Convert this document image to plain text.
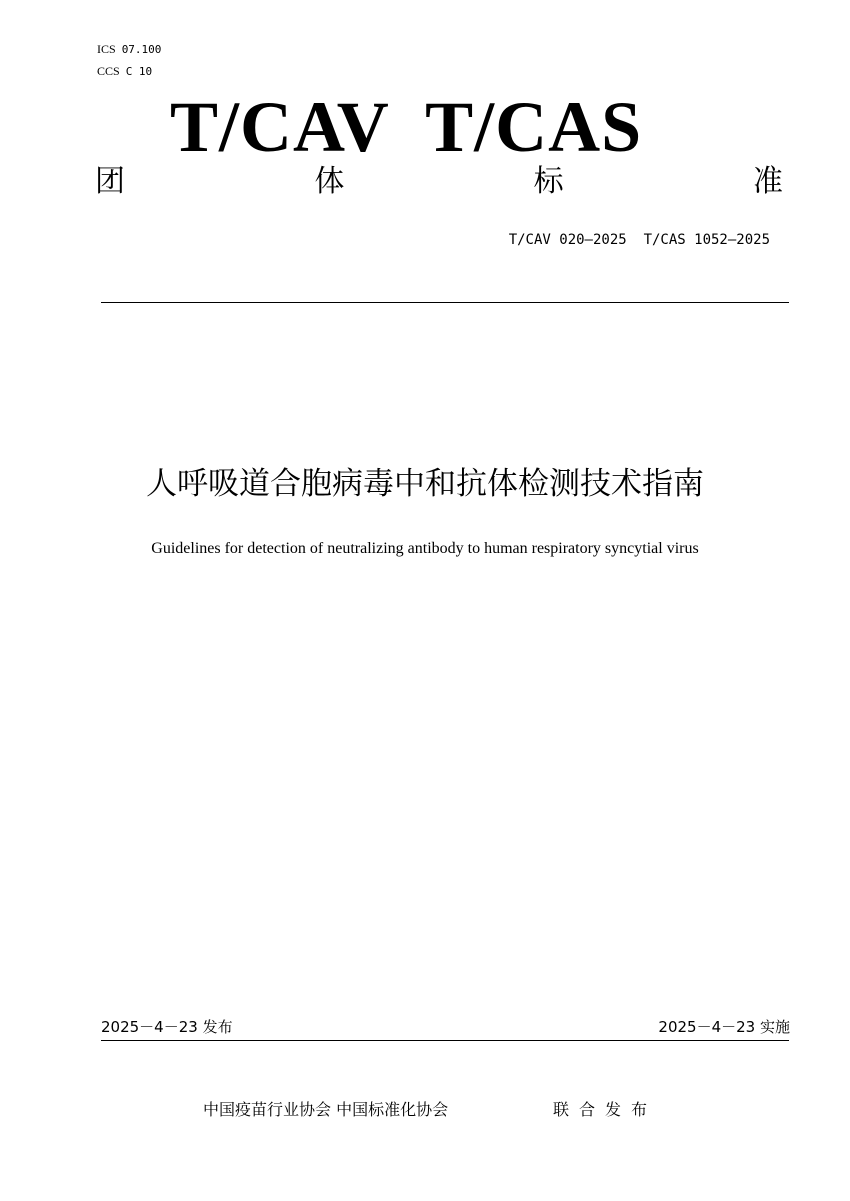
ICS 07.100
CCS C 10
T/CAV  T/CAS
团	体	标	准
T/CAV 020—2025  T/CAS 1052—2025
人呼吸道合胞病毒中和抗体检测技术指南
Guidelines for detection of neutralizing antibody to human respiratory syncytial virus
2025－4－23 发布	2025－4－23 实施
中国疫苗行业协会 中国标准化协会	联合发布
